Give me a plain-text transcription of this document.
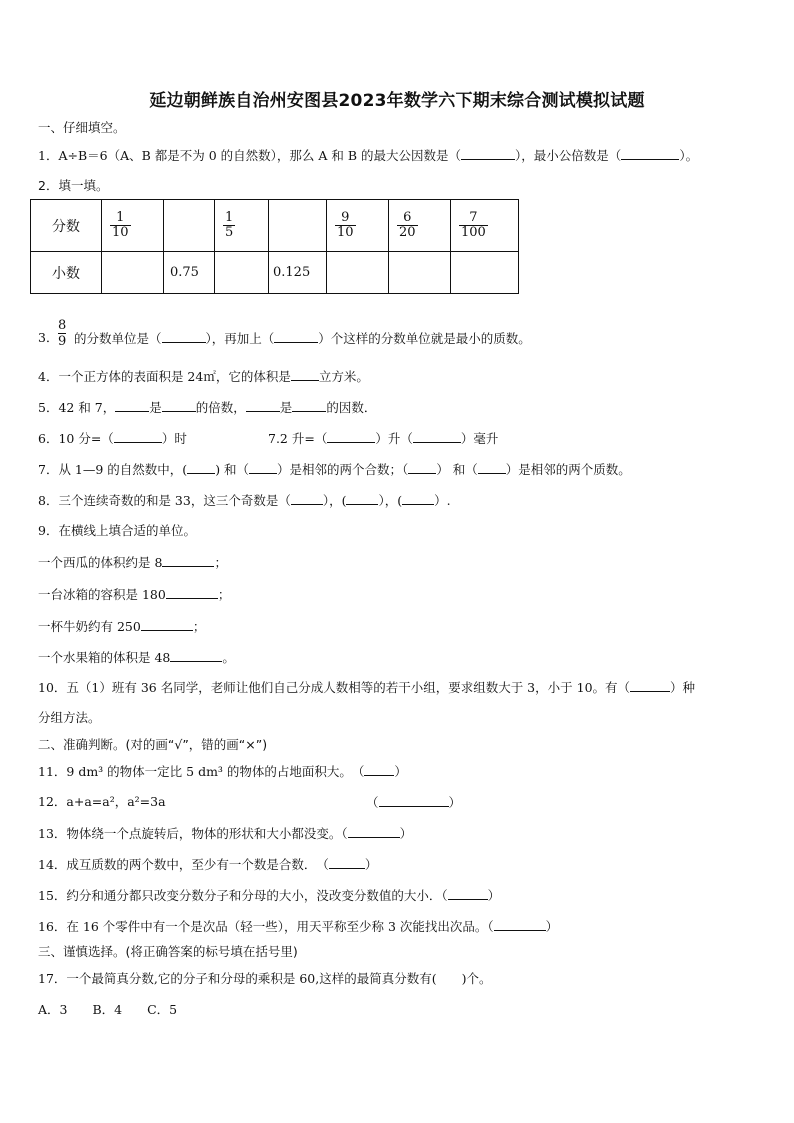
延边朝鲜族自治州安图县2023年数学六下期末综合测试模拟试题
一、仔细填空。
1．A÷B＝6（A、B 都是不为 0 的自然数），那么 A 和 B 的最大公因数是（	），最小公倍数是（	）。
2．填一填。
分数	$\frac{1}{10}$		$\frac{1}{5}$		$\frac{9}{10}$	$\frac{6}{20}$	$\frac{7}{100}$

小数		0.75		0.125			
3．
8
9 的分数单位是（	），再加上（	）个这样的分数单位就是最小的质数。
4．一个正方体的表面积是 24㎡，它的体积是 立方米。
5．42 和 7，	是	的倍数，	是	的因数．
6．10 分=（	）时	7.2 升=（	）升（	）毫升
7．从 1—9 的自然数中，( ) 和（ ）是相邻的两个合数；（ ） 和（ ）是相邻的两个质数。
8．三个连续奇数的和是 33，这三个奇数是（	），(	），(	）.
9．在横线上填合适的单位。
一个西瓜的体积约是 8	；
一台冰箱的容积是 180	；
一杯牛奶约有 250	；
一个水果箱的体积是 48	。
10．五（1）班有 36 名同学，老师让他们自己分成人数相等的若干小组，要求组数大于 3，小于 10。有（	）种
分组方法。
二、准确判断。(对的画“√”，错的画“×”)
11．9 dm³ 的物体一定比 5 dm³ 的物体的占地面积大。　（ ）
12．a+a=a²，a²=3a	（	）
13．物体绕一个点旋转后，物体的形状和大小都没变。（	）
14．成互质数的两个数中，至少有一个数是合数．　（	）
15．约分和通分都只改变分数分子和分母的大小，没改变分数值的大小．（	）
16．在 16 个零件中有一个是次品（轻一些），用天平称至少称 3 次能找出次品。（	）
三、谨慎选择。(将正确答案的标号填在括号里)
17．一个最简真分数,它的分子和分母的乘积是 60,这样的最简真分数有(　　)个。
A．3　　B．4　　C．5
